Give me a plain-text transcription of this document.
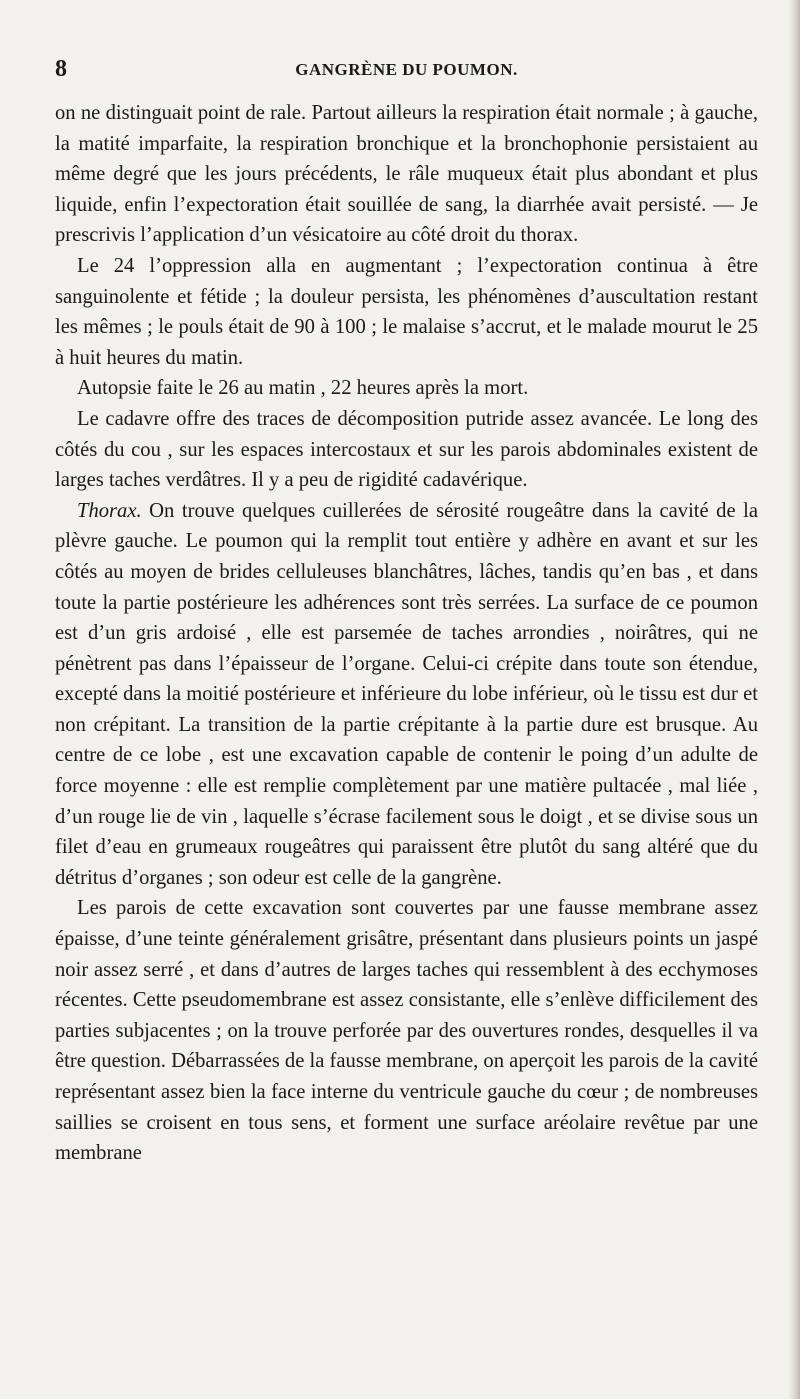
8	GANGRÈNE DU POUMON.

on ne distinguait point de rale. Partout ailleurs la respiration était normale ; à gauche, la matité imparfaite, la respiration bronchique et la bronchophonie persistaient au même degré que les jours précédents, le râle muqueux était plus abondant et plus liquide, enfin l’expectoration était souillée de sang, la diarrhée avait persisté. — Je prescrivis l’application d’un vésicatoire au côté droit du thorax.

Le 24 l’oppression alla en augmentant ; l’expectoration continua à être sanguinolente et fétide ; la douleur persista, les phénomènes d’auscultation restant les mêmes ; le pouls était de 90 à 100 ; le malaise s’accrut, et le malade mourut le 25 à huit heures du matin.

Autopsie faite le 26 au matin , 22 heures après la mort.

Le cadavre offre des traces de décomposition putride assez avancée. Le long des côtés du cou , sur les espaces intercostaux et sur les parois abdominales existent de larges taches verdâtres. Il y a peu de rigidité cadavérique.

Thorax. On trouve quelques cuillerées de sérosité rougeâtre dans la cavité de la plèvre gauche. Le poumon qui la remplit tout entière y adhère en avant et sur les côtés au moyen de brides celluleuses blanchâtres, lâches, tandis qu’en bas , et dans toute la partie postérieure les adhérences sont très serrées. La surface de ce poumon est d’un gris ardoisé , elle est parsemée de taches arrondies , noirâtres, qui ne pénètrent pas dans l’épaisseur de l’organe. Celui-ci crépite dans toute son étendue, excepté dans la moitié postérieure et inférieure du lobe inférieur, où le tissu est dur et non crépitant. La transition de la partie crépitante à la partie dure est brusque. Au centre de ce lobe , est une excavation capable de contenir le poing d’un adulte de force moyenne : elle est remplie complètement par une matière pultacée , mal liée , d’un rouge lie de vin , laquelle s’écrase facilement sous le doigt , et se divise sous un filet d’eau en grumeaux rougeâtres qui paraissent être plutôt du sang altéré que du détritus d’organes ; son odeur est celle de la gangrène.

Les parois de cette excavation sont couvertes par une fausse membrane assez épaisse, d’une teinte généralement grisâtre, présentant dans plusieurs points un jaspé noir assez serré , et dans d’autres de larges taches qui ressemblent à des ecchymoses récentes. Cette pseudomembrane est assez consistante, elle s’enlève difficilement des parties subjacentes ; on la trouve perforée par des ouvertures rondes, desquelles il va être question. Débarrassées de la fausse membrane, on aperçoit les parois de la cavité représentant assez bien la face interne du ventricule gauche du cœur ; de nombreuses saillies se croisent en tous sens, et forment une surface aréolaire revêtue par une membrane
